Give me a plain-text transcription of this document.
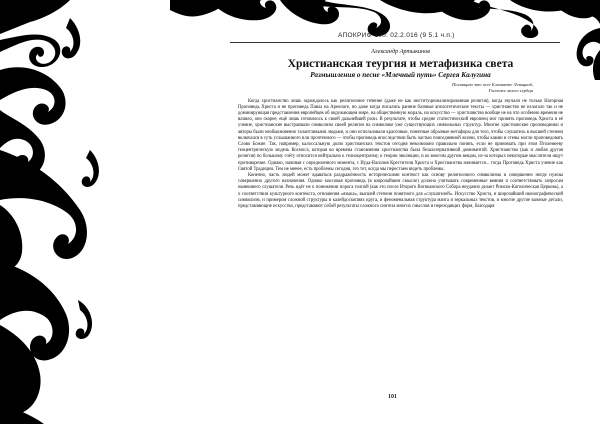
АПОКРИФ-100: 02.2.016 (9 5.1 ч.п.)
Александр Артыкинов
Христианская теургия и метафизика света
Размышления о песне «Млечный путь» Сергея Калугина
Посвящаю это эссе Елизавете Левицкой,
Госпоже моего сердца

Когда христианство лишь зарождалось как религиозное течение (даже не как институционализированная религия), когда звучали не только Нагорная Проповедь Христа и не проповедь Павла на Ареопаге, но даже когда писались ранние базовые апологетические тексты — христианство не излагало так и не доминирующая представления европейцев об окружающем мире, на общественную мораль, на искусство — христианство вообще не на что особенно времени не влияло, оно скорее, ещё лишь готовилось к своей дальнейшей роли. В результате, чтобы средне статистический европеец мог принять проповедь Христа и её учение, христианские выстраивали символизм своей религии на символике уже существующих символьных структур. Многие христианские проповедники и авторы были необыкновенно талантливыми людьми, и они использовали красочные, понятные образные метафоры для того, чтобы слушатель в высшей степени включался в суть услышанного или прочтенного — чтобы проповедь впоследствии быть частью повседневной жизни, чтобы камни и стены могли проповедовать Слово Божие. Так, например, калоссальную долю христианских текстов сегодня невозможно правильно понять, если не принимать при этом Птолемееву геоцентрическую модель Космоса, которая во времена становления христианства была безальтернативной доминантой. Христианство (как и любая другая религия) по большому счёту относится нейтрально к гелиоцентризму, к теории эволюции, и ко многим другим вещам, из-за которых некоторые мыслители ищут противоречие. Однако, начиная с определенного момента, с Иуда-Василия Крестителя Христа и Христианства начинается... тогда Протоведь Христа учение как Святой Традиции. Тем не менее, есть проблемы сегодня, это тот, когда мы перестаем видеть проблемы.

Конечно, часть людей может вдаваться раздражённость историческими контекст как основу религиозного символизма и совершенно нигде нужны совершенно другого назначения. Однако массовая проповедь (в широчайшем смысле) должна учитывать современные веяния и соответствовать запросам нынешнего слушателя. Речь идёт не о понижении порога толпой (как это после Второго Ватиканского Собора неудачно делает Римско-Католическая Церковь), а о соответствии культурного контекста, отношения «языка», высшей степени понятного для «слушателей». Искусство Христа, и широчайший иконографический символизм, и примером сложной структуры в калейдоскопиях круга, и феноменальная структура манга и зеркальных текстов, и многие другие важные детали, представляющие искусство, представляют собой результаты сложного синтеза многих смыслов и переходящих форм, благодаря

101
